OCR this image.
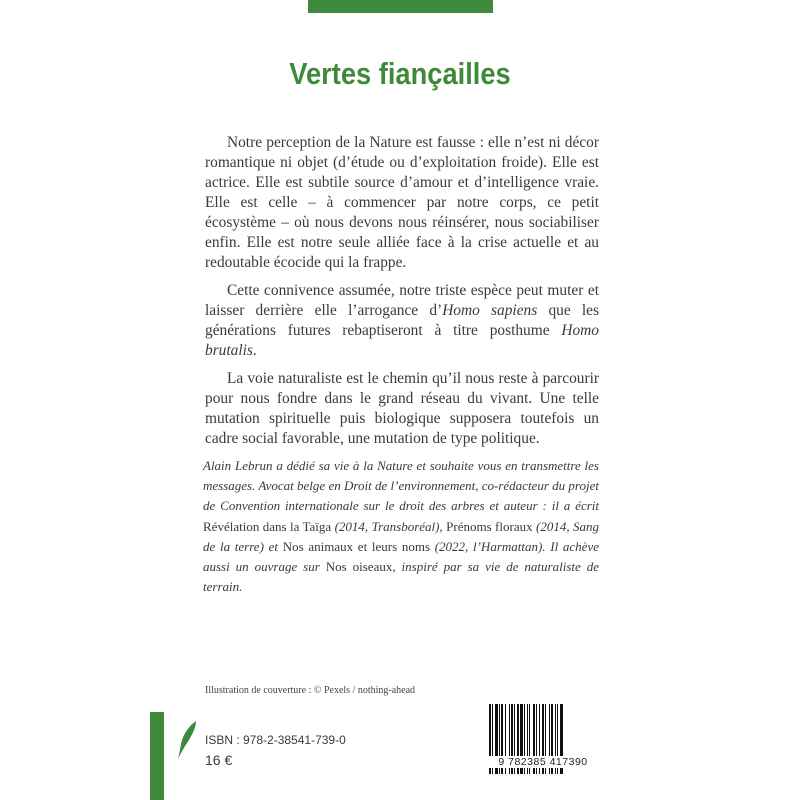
Vertes fiançailles

Notre perception de la Nature est fausse : elle n’est ni décor romantique ni objet (d’étude ou d’exploitation froide). Elle est actrice. Elle est subtile source d’amour et d’intelligence vraie. Elle est celle – à commencer par notre corps, ce petit écosystème – où nous devons nous réinsérer, nous sociabiliser enfin. Elle est notre seule alliée face à la crise actuelle et au redoutable écocide qui la frappe.

Cette connivence assumée, notre triste espèce peut muter et laisser derrière elle l’arrogance d’Homo sapiens que les générations futures rebaptiseront à titre posthume Homo brutalis.

La voie naturaliste est le chemin qu’il nous reste à parcourir pour nous fondre dans le grand réseau du vivant. Une telle mutation spirituelle puis biologique supposera toutefois un cadre social favorable, une mutation de type politique.

Alain Lebrun a dédié sa vie à la Nature et souhaite vous en transmettre les messages. Avocat belge en Droit de l’environnement, co-rédacteur du projet de Convention internationale sur le droit des arbres et auteur : il a écrit Révélation dans la Taïga (2014, Transboréal), Prénoms floraux (2014, Sang de la terre) et Nos animaux et leurs noms (2022, l’Harmattan). Il achève aussi un ouvrage sur Nos oiseaux, inspiré par sa vie de naturaliste de terrain.
Illustration de couverture : © Pexels / nothing-ahead
ISBN : 978-2-38541-739-0
16 €	9 782385 417390
